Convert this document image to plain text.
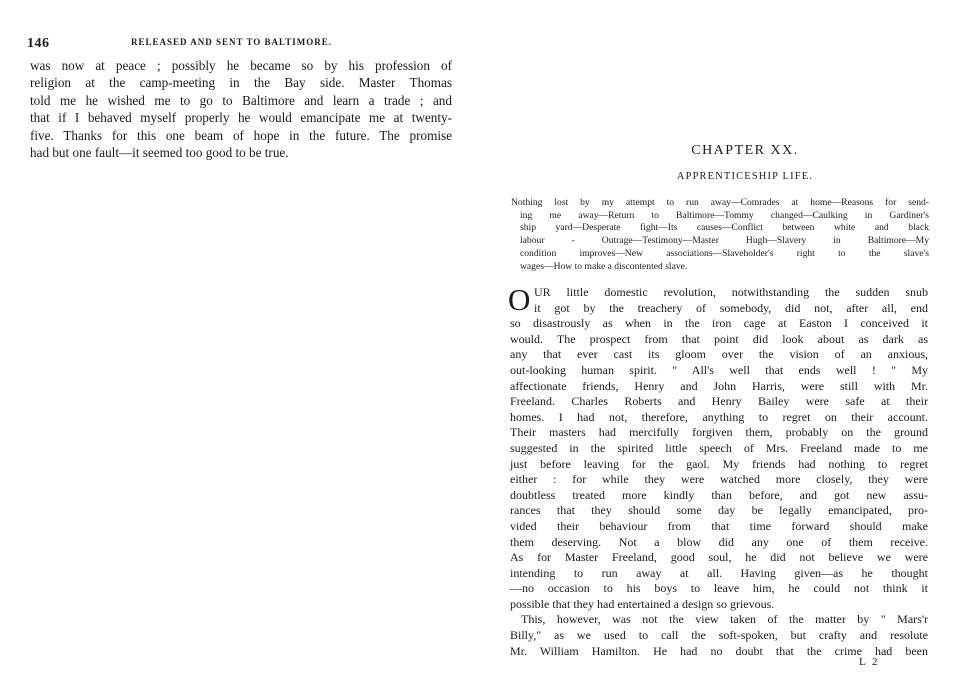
146	RELEASED AND SENT TO BALTIMORE.
was now at peace ; possibly he became so by his profession of
religion at the camp-meeting in the Bay side. Master Thomas
told me he wished me to go to Baltimore and learn a trade ; and
that if I behaved myself properly he would emancipate me at twenty-
five. Thanks for this one beam of hope in the future. The promise
had but one fault—it seemed too good to be true.	CHAPTER XX.
APPRENTICESHIP LIFE.
Nothing lost by my attempt to run away—Comrades at home—Reasons for send-
ing me away—Return to Baltimore—Tommy changed—Caulking in Gardiner's
ship yard—Desperate fight—Its causes—Conflict between white and black
labour - Outrage—Testimony—Master Hugh—Slavery in Baltimore—My
condition improves—New associations—Slaveholder's right to the slave's
wages—How to make a discontented slave.
O UR little domestic revolution, notwithstanding the sudden snub
it got by the treachery of somebody, did not, after all, end
so disastrously as when in the iron cage at Easton I conceived it
would. The prospect from that point did look about as dark as
any that ever cast its gloom over the vision of an anxious,
out-looking human spirit. " All's well that ends well ! " My
affectionate friends, Henry and John Harris, were still with Mr.
Freeland. Charles Roberts and Henry Bailey were safe at their
homes. I had not, therefore, anything to regret on their account.
Their masters had mercifully forgiven them, probably on the ground
suggested in the spirited little speech of Mrs. Freeland made to me
just before leaving for the gaol. My friends had nothing to regret
either : for while they were watched more closely, they were
doubtless treated more kindly than before, and got new assu-
rances that they should some day be legally emancipated, pro-
vided their behaviour from that time forward should make
them deserving. Not a blow did any one of them receive.
As for Master Freeland, good soul, he did not believe we were
intending to run away at all. Having given—as he thought
—no occasion to his boys to leave him, he could not think it
possible that they had entertained a design so grievous.
This, however, was not the view taken of the matter by " Mars'r
Billy," as we used to call the soft-spoken, but crafty and resolute
Mr. William Hamilton. He had no doubt that the crime had been
L 2
